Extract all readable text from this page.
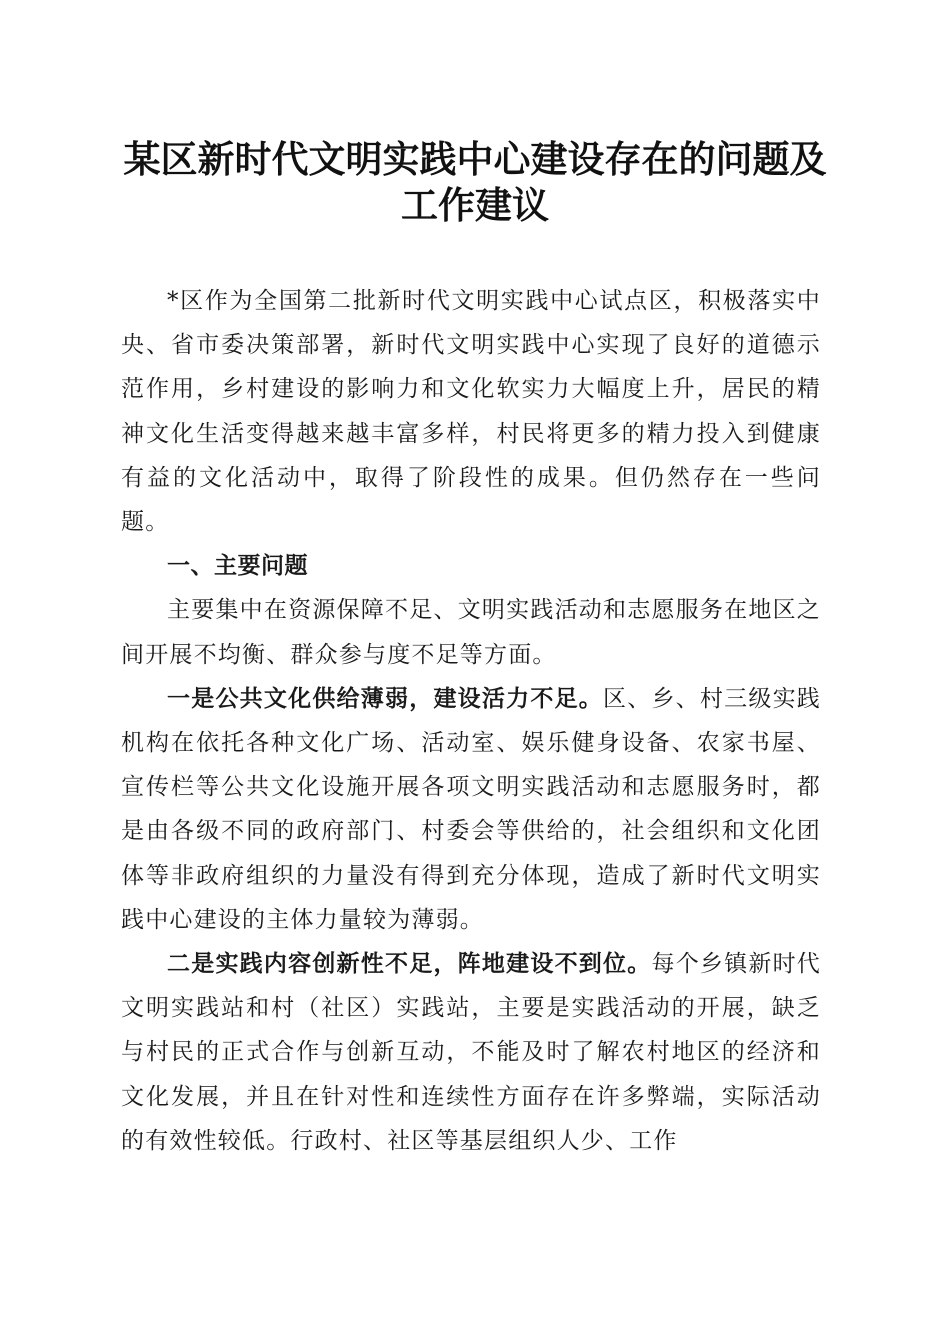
某区新时代文明实践中心建设存在的问题及工作建议

*区作为全国第二批新时代文明实践中心试点区，积极落实中央、省市委决策部署，新时代文明实践中心实现了良好的道德示范作用，乡村建设的影响力和文化软实力大幅度上升，居民的精神文化生活变得越来越丰富多样，村民将更多的精力投入到健康有益的文化活动中，取得了阶段性的成果。但仍然存在一些问题。

一、主要问题

主要集中在资源保障不足、文明实践活动和志愿服务在地区之间开展不均衡、群众参与度不足等方面。

一是公共文化供给薄弱，建设活力不足。区、乡、村三级实践机构在依托各种文化广场、活动室、娱乐健身设备、农家书屋、宣传栏等公共文化设施开展各项文明实践活动和志愿服务时，都是由各级不同的政府部门、村委会等供给的，社会组织和文化团体等非政府组织的力量没有得到充分体现，造成了新时代文明实践中心建设的主体力量较为薄弱。

二是实践内容创新性不足，阵地建设不到位。每个乡镇新时代文明实践站和村（社区）实践站，主要是实践活动的开展，缺乏与村民的正式合作与创新互动，不能及时了解农村地区的经济和文化发展，并且在针对性和连续性方面存在许多弊端，实际活动的有效性较低。行政村、社区等基层组织人少、工作
